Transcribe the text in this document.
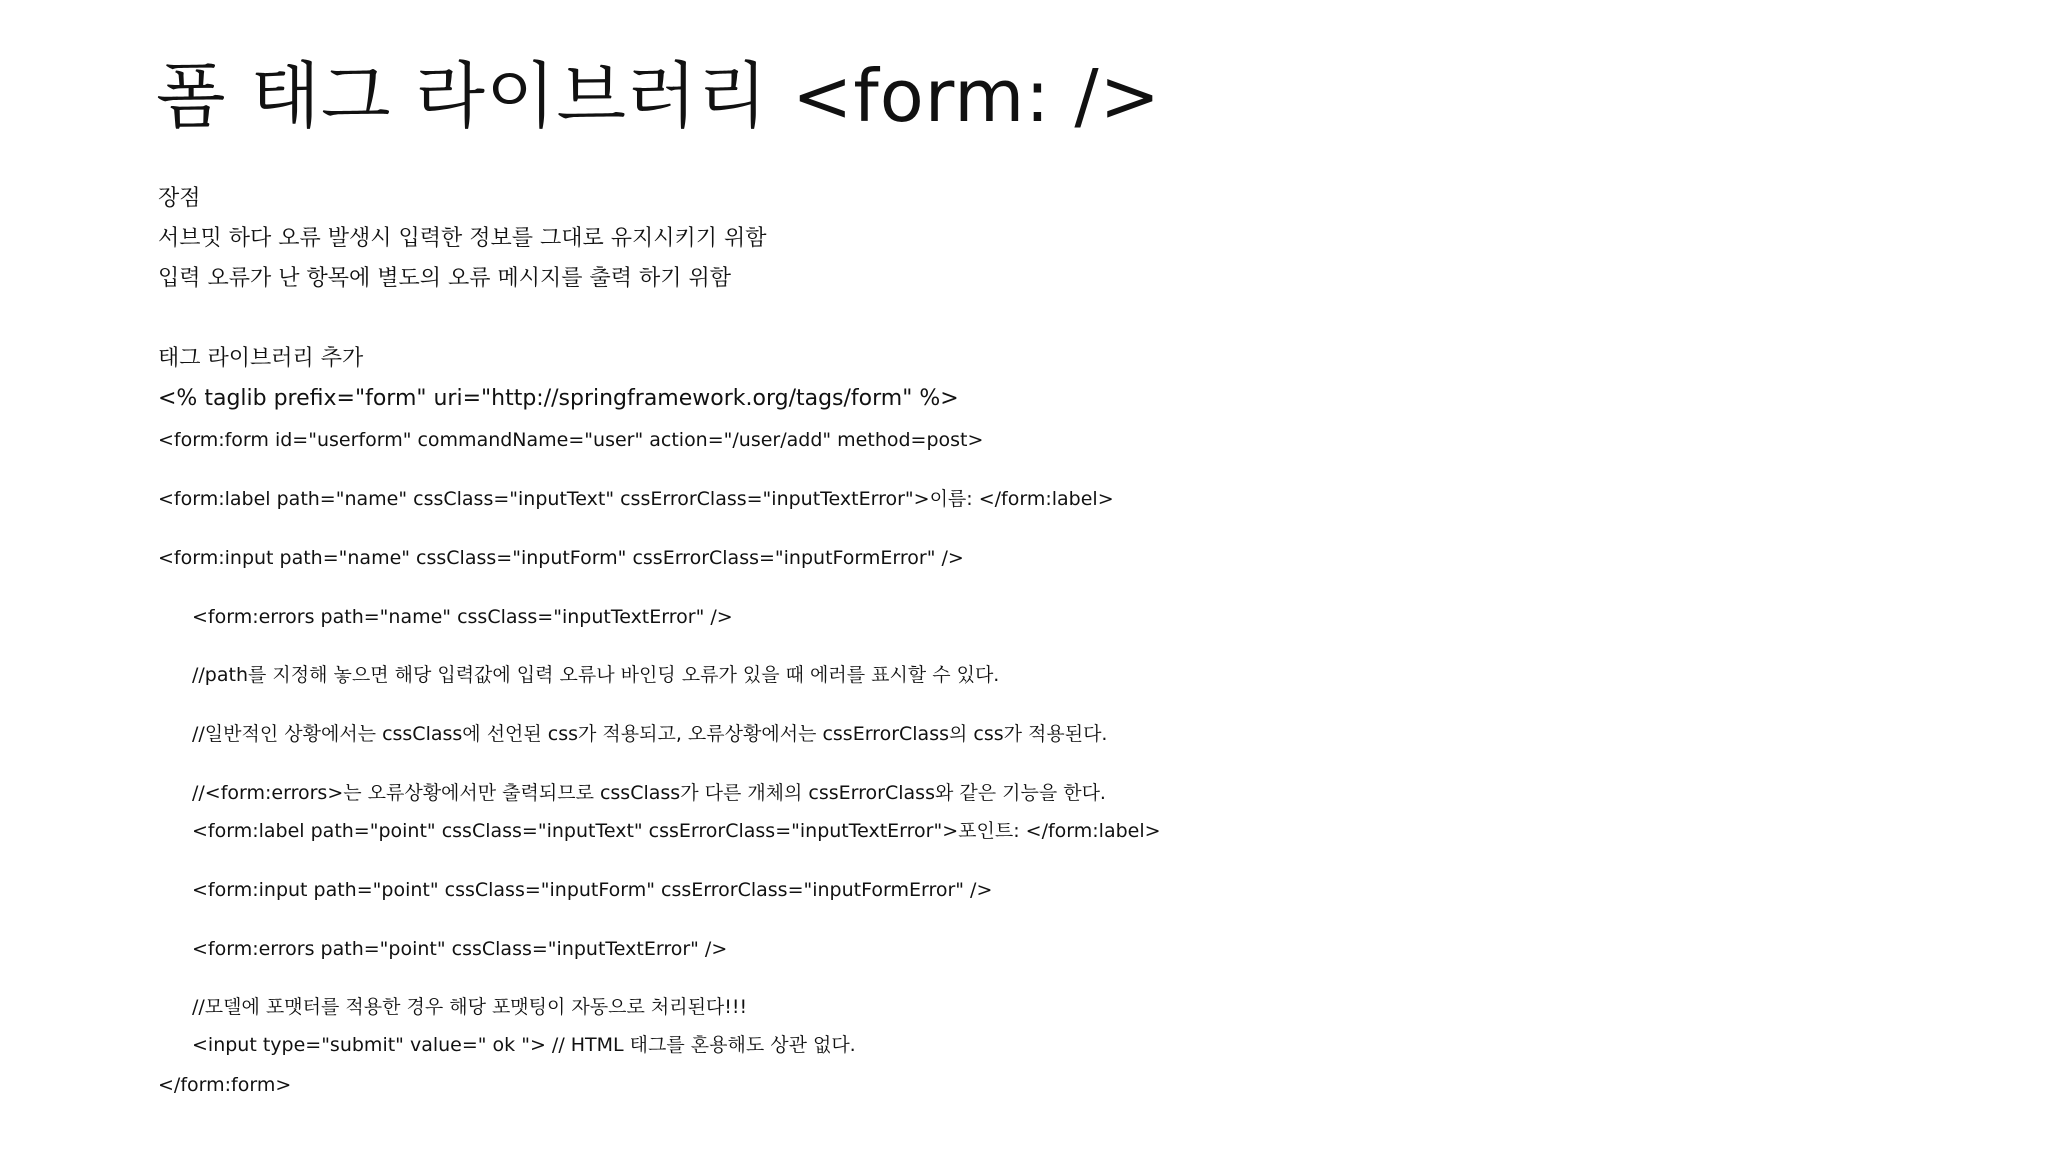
폼 태그 라이브러리 <form: />

장점

서브밋 하다 오류 발생시 입력한 정보를 그대로 유지시키기 위함

입력 오류가 난 항목에 별도의 오류 메시지를 출력 하기 위함

태그 라이브러리 추가

<% taglib prefix="form" uri="http://springframework.org/tags/form" %>

<form:form id="userform" commandName="user" action="/user/add" method=post>

<form:label path="name" cssClass="inputText" cssErrorClass="inputTextError">이름: </form:label>

<form:input path="name" cssClass="inputForm" cssErrorClass="inputFormError" />

<form:errors path="name" cssClass="inputTextError" />

//path를 지정해 놓으면 해당 입력값에 입력 오류나 바인딩 오류가 있을 때 에러를 표시할 수 있다.

//일반적인 상황에서는 cssClass에 선언된 css가 적용되고, 오류상황에서는 cssErrorClass의 css가 적용된다.

//<form:errors>는 오류상황에서만 출력되므로 cssClass가 다른 개체의 cssErrorClass와 같은 기능을 한다.

<form:label path="point" cssClass="inputText" cssErrorClass="inputTextError">포인트: </form:label>

<form:input path="point" cssClass="inputForm" cssErrorClass="inputFormError" />

<form:errors path="point" cssClass="inputTextError" />

//모델에 포맷터를 적용한 경우 해당 포맷팅이 자동으로 처리된다!!!

<input type="submit" value=" ok "> // HTML 태그를 혼용해도 상관 없다.

</form:form>
